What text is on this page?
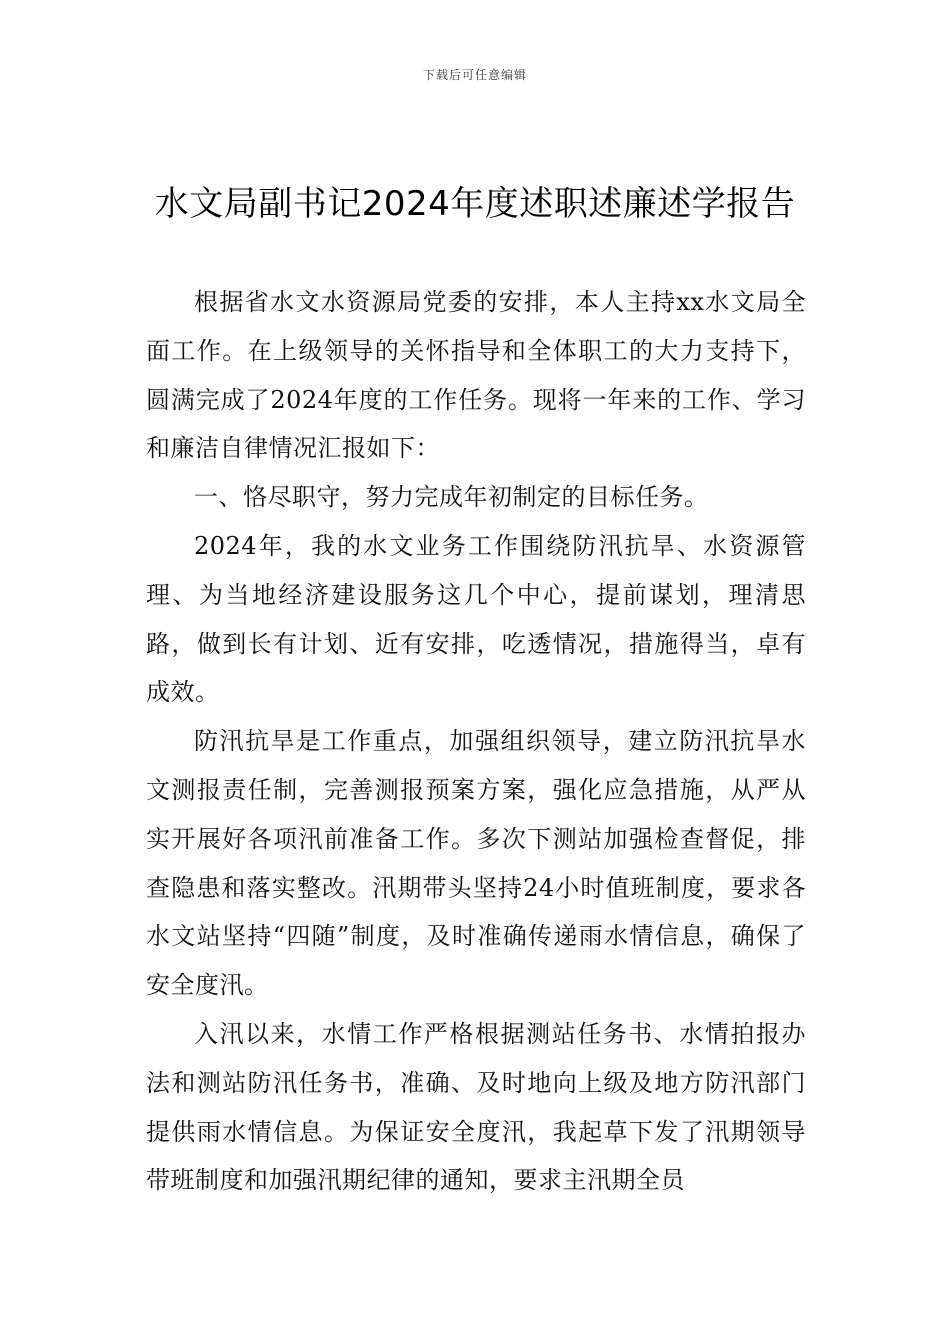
下载后可任意编辑
水文局副书记2024年度述职述廉述学报告

根据省水文水资源局党委的安排，本人主持xx水文局全面工作。在上级领导的关怀指导和全体职工的大力支持下，圆满完成了2024年度的工作任务。现将一年来的工作、学习和廉洁自律情况汇报如下：

一、恪尽职守，努力完成年初制定的目标任务。

2024年，我的水文业务工作围绕防汛抗旱、水资源管理、为当地经济建设服务这几个中心，提前谋划，理清思路，做到长有计划、近有安排，吃透情况，措施得当，卓有成效。

防汛抗旱是工作重点，加强组织领导，建立防汛抗旱水文测报责任制，完善测报预案方案，强化应急措施，从严从实开展好各项汛前准备工作。多次下测站加强检查督促，排查隐患和落实整改。汛期带头坚持24小时值班制度，要求各水文站坚持“四随”制度，及时准确传递雨水情信息，确保了安全度汛。

入汛以来，水情工作严格根据测站任务书、水情拍报办法和测站防汛任务书，准确、及时地向上级及地方防汛部门提供雨水情信息。为保证安全度汛，我起草下发了汛期领导带班制度和加强汛期纪律的通知，要求主汛期全员
